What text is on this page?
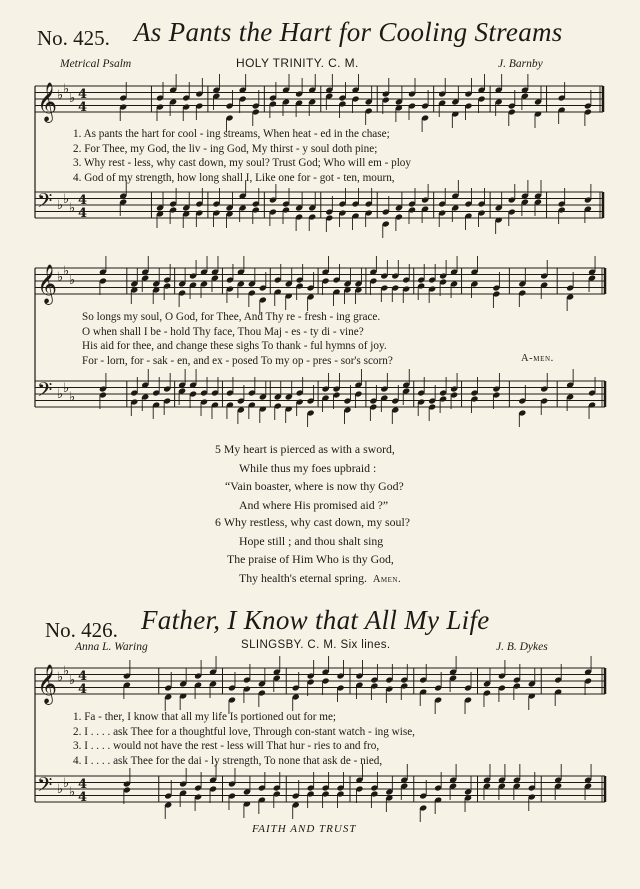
𝄞
𝄢
♭ ♭
♭
♭ ♭
♭
4
4
4
4
𝄞
𝄢
♭ ♭
♭
♭ ♭
♭
𝄞
𝄢
♭ ♭
♭
♭ ♭
♭
4
4
4
4
No. 425. As Pants the Hart for Cooling Streams
Metrical Psalm	HOLY TRINITY. C. M.	J. Barnby
1. As pants the hart for cool - ing streams, When heat - ed in the chase;
2. For Thee, my God, the liv - ing God, My thirst - y soul doth pine;
3. Why rest - less, why cast down, my soul? Trust God; Who will em - ploy
4. God of my strength, how long shall I, Like one for - got - ten, mourn,
So longs my soul, O God, for Thee, And Thy re - fresh - ing grace.
O when shall I be - hold Thy face, Thou Maj - es - ty di - vine?
His aid for thee, and change these sighs To thank - ful hymns of joy.
For - lorn, for - sak - en, and ex - posed To my op - pres - sor's scorn?	A-men.
5 My heart is pierced as with a sword,
While thus my foes upbraid :
“Vain boaster, where is now thy God?
And where His promised aid ?”
6 Why restless, why cast down, my soul?
Hope still ; and thou shalt sing
The praise of Him Who is thy God,
Thy health's eternal spring. Amen.
No. 426. Father, I Know that All My Life
Anna L. Waring	SLINGSBY. C. M. Six lines.	J. B. Dykes
1. Fa - ther, I know that all my life Is portioned out for me;
2. I . . . . ask Thee for a thoughtful love, Through con-stant watch - ing wise,
3. I . . . . would not have the rest - less will That hur - ries to and fro,
4. I . . . . ask Thee for the dai - ly strength, To none that ask de - nied,
FAITH AND TRUST
